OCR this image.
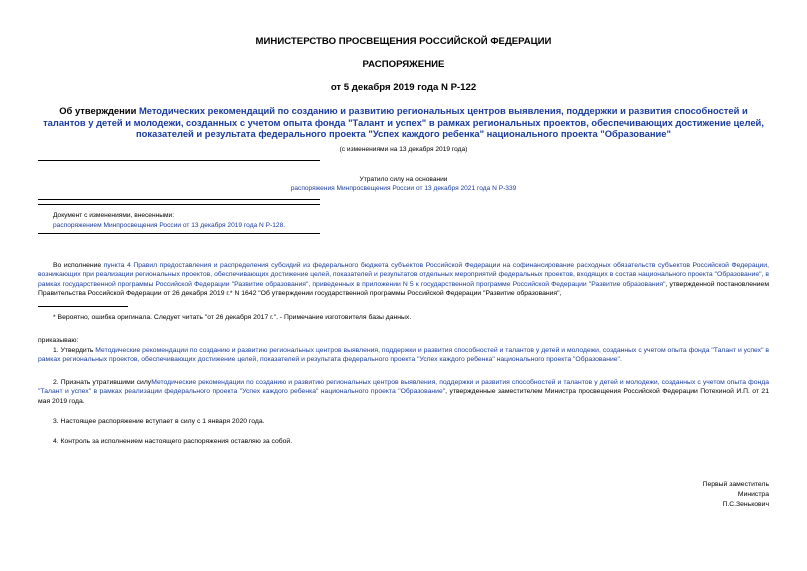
МИНИСТЕРСТВО ПРОСВЕЩЕНИЯ РОССИЙСКОЙ ФЕДЕРАЦИИ
РАСПОРЯЖЕНИЕ
от 5 декабря 2019 года N Р-122
Об утверждении Методических рекомендаций по созданию и развитию региональных центров выявления, поддержки и развития способностей и талантов у детей и молодежи, созданных с учетом опыта фонда "Талант и успех" в рамках региональных проектов, обеспечивающих достижение целей, показателей и результата федерального проекта "Успех каждого ребенка" национального проекта "Образование"
(с изменениями на 13 декабря 2019 года)
Утратило силу на основании
распоряжения Минпросвещения России от 13 декабря 2021 года N Р-339
Документ с изменениями, внесенными:
распоряжением Минпросвещения России от 13 декабря 2019 года N Р-128.
Во исполнение пункта 4 Правил предоставления и распределения субсидий из федерального бюджета субъектов Российской Федерации на софинансирование расходных обязательств субъектов Российской Федерации, возникающих при реализации региональных проектов, обеспечивающих достижение целей, показателей и результатов отдельных мероприятий федеральных проектов, входящих в состав национального проекта "Образование", в рамках государственной программы Российской Федерации "Развитие образования", приведенных в приложении N 5 к государственной программе Российской Федерации "Развитие образования", утвержденной постановлением Правительства Российской Федерации от 26 декабря 2019 г.* N 1642 "Об утверждении государственной программы Российской Федерации "Развитие образования",
* Вероятно, ошибка оригинала. Следует читать "от 26 декабря 2017 г.". - Примечание изготовителя базы данных.
приказываю:
1. Утвердить Методические рекомендации по созданию и развитию региональных центров выявления, поддержки и развития способностей и талантов у детей и молодежи, созданных с учетом опыта фонда "Талант и успех" в рамках региональных проектов, обеспечивающих достижение целей, показателей и результата федерального проекта "Успех каждого ребенка" национального проекта "Образование".
2. Признать утратившими силуМетодические рекомендации по созданию и развитию региональных центров выявления, поддержки и развития способностей и талантов у детей и молодежи, созданных с учетом опыта фонда "Талант и успех" в рамках реализации федерального проекта "Успех каждого ребенка" национального проекта "Образование", утвержденные заместителем Министра просвещения Российской Федерации Потехиной И.П. от 21 мая 2019 года.
3. Настоящее распоряжение вступает в силу с 1 января 2020 года.
4. Контроль за исполнением настоящего распоряжения оставляю за собой.
Первый заместитель
Министра
П.С.Зенькович
